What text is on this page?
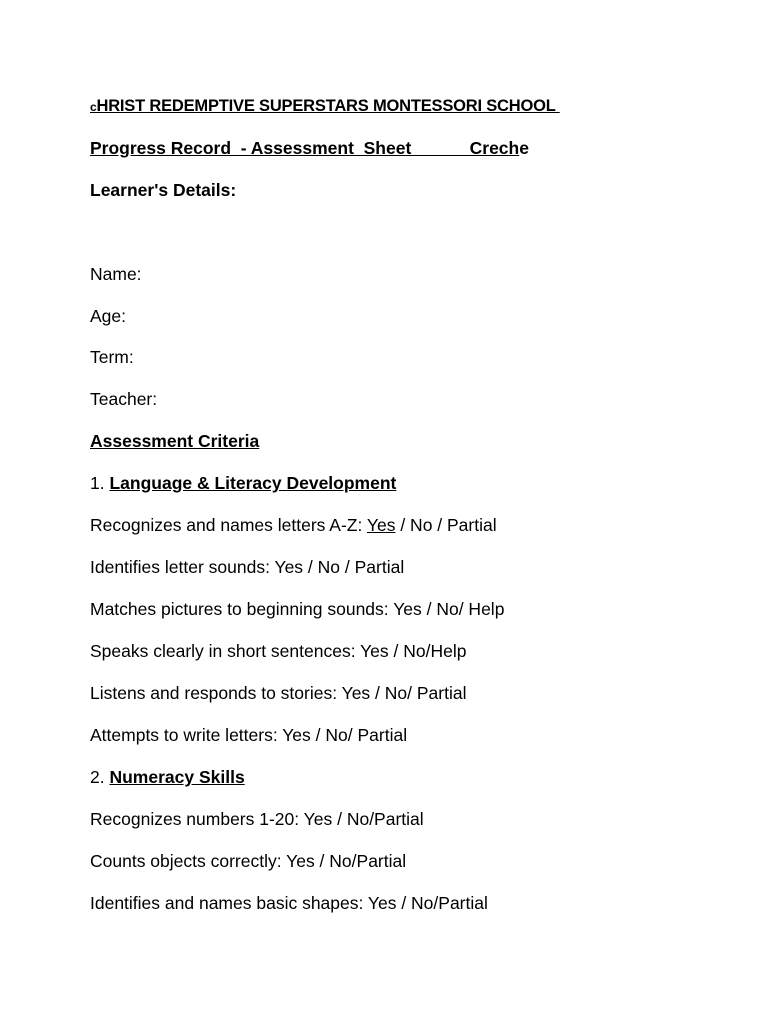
cHRIST REDEMPTIVE SUPERSTARS MONTESSORI SCHOOL
Progress Record  - Assessment  Sheet            Creche
Learner's Details:
Name:
Age:
Term:
Teacher:
Assessment Criteria
1. Language & Literacy Development
Recognizes and names letters A-Z: Yes / No / Partial
Identifies letter sounds: Yes / No / Partial
Matches pictures to beginning sounds: Yes / No/ Help
Speaks clearly in short sentences: Yes / No/Help
Listens and responds to stories: Yes / No/ Partial
Attempts to write letters: Yes / No/ Partial
2. Numeracy Skills
Recognizes numbers 1-20: Yes / No/Partial
Counts objects correctly: Yes / No/Partial
Identifies and names basic shapes: Yes / No/Partial
